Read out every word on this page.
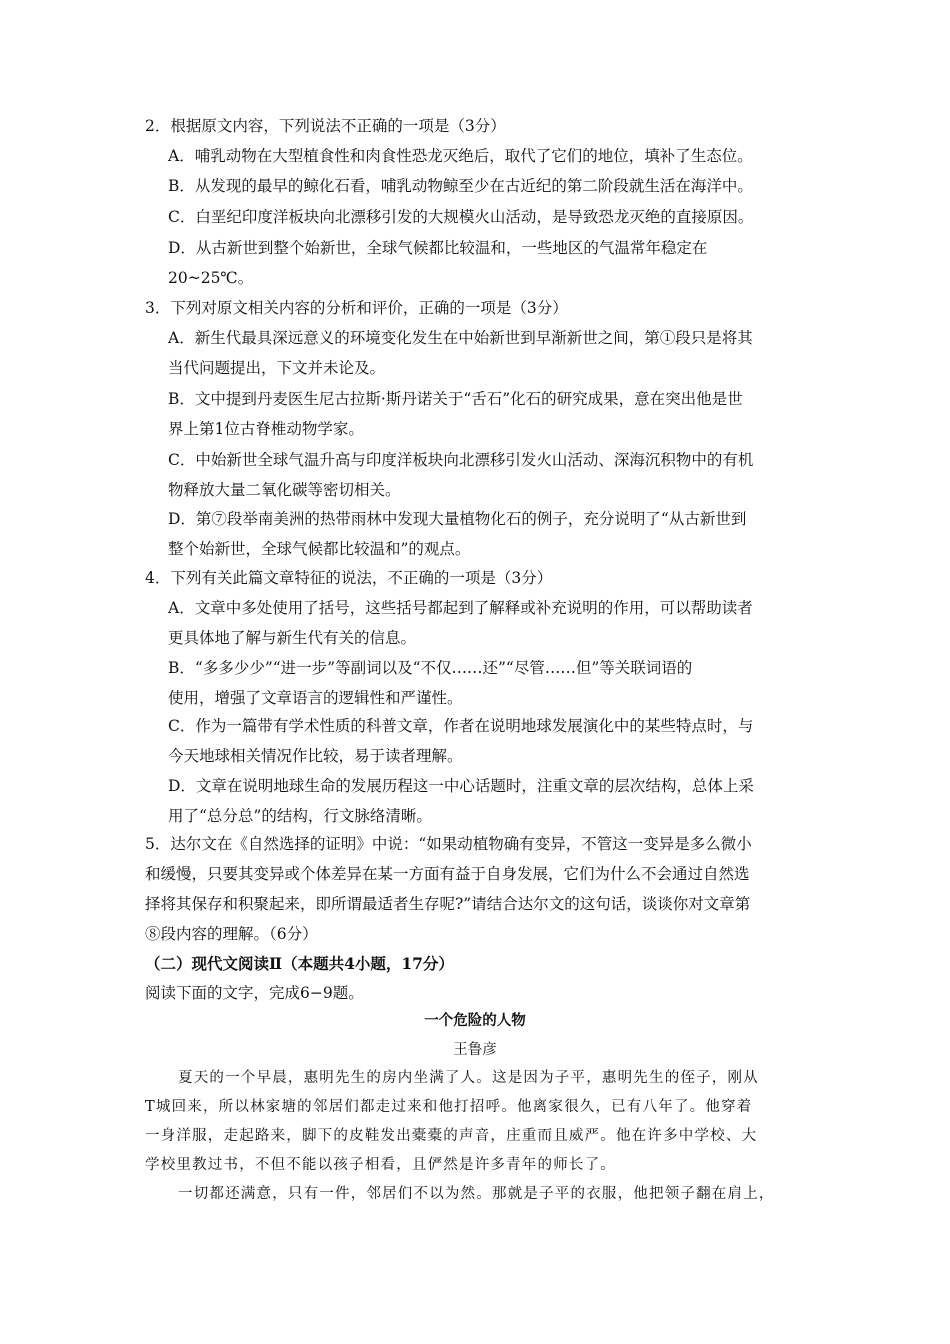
2．根据原文内容，下列说法不正确的一项是（3分）

A．哺乳动物在大型植食性和肉食性恐龙灭绝后，取代了它们的地位，填补了生态位。

B．从发现的最早的鲸化石看，哺乳动物鲸至少在古近纪的第二阶段就生活在海洋中。

C．白垩纪印度洋板块向北漂移引发的大规模火山活动，是导致恐龙灭绝的直接原因。

D．从古新世到整个始新世，全球气候都比较温和，一些地区的气温常年稳定在

20~25℃。

3．下列对原文相关内容的分析和评价，正确的一项是（3分）

A．新生代最具深远意义的环境变化发生在中始新世到早渐新世之间，第①段只是将其

当代问题提出，下文并未论及。

B．文中提到丹麦医生尼古拉斯·斯丹诺关于“舌石”化石的研究成果，意在突出他是世

界上第1位古脊椎动物学家。

C．中始新世全球气温升高与印度洋板块向北漂移引发火山活动、深海沉积物中的有机

物释放大量二氧化碳等密切相关。

D．第⑦段举南美洲的热带雨林中发现大量植物化石的例子，充分说明了“从古新世到

整个始新世，全球气候都比较温和”的观点。

4．下列有关此篇文章特征的说法，不正确的一项是（3分）

A．文章中多处使用了括号，这些括号都起到了解释或补充说明的作用，可以帮助读者

更具体地了解与新生代有关的信息。

B．“多多少少”“进一步”等副词以及“不仅……还”“尽管……但”等关联词语的

使用，增强了文章语言的逻辑性和严谨性。

C．作为一篇带有学术性质的科普文章，作者在说明地球发展演化中的某些特点时，与

今天地球相关情况作比较，易于读者理解。

D．文章在说明地球生命的发展历程这一中心话题时，注重文章的层次结构，总体上采

用了“总分总”的结构，行文脉络清晰。

5．达尔文在《自然选择的证明》中说：“如果动植物确有变异，不管这一变异是多么微小

和缓慢，只要其变异或个体差异在某一方面有益于自身发展，它们为什么不会通过自然选

择将其保存和积聚起来，即所谓最适者生存呢?”请结合达尔文的这句话，谈谈你对文章第

⑧段内容的理解。（6分）

（二）现代文阅读Ⅱ（本题共4小题，17分）

阅读下面的文字，完成6−9题。

一个危险的人物

王鲁彦

夏天的一个早晨，惠明先生的房内坐满了人。这是因为子平，惠明先生的侄子，刚从

T城回来，所以林家塘的邻居们都走过来和他打招呼。他离家很久，已有八年了。他穿着

一身洋服，走起路来，脚下的皮鞋发出橐橐的声音，庄重而且威严。他在许多中学校、大

学校里教过书，不但不能以孩子相看，且俨然是许多青年的师长了。

一切都还满意，只有一件，邻居们不以为然。那就是子平的衣服，他把领子翻在肩上，
